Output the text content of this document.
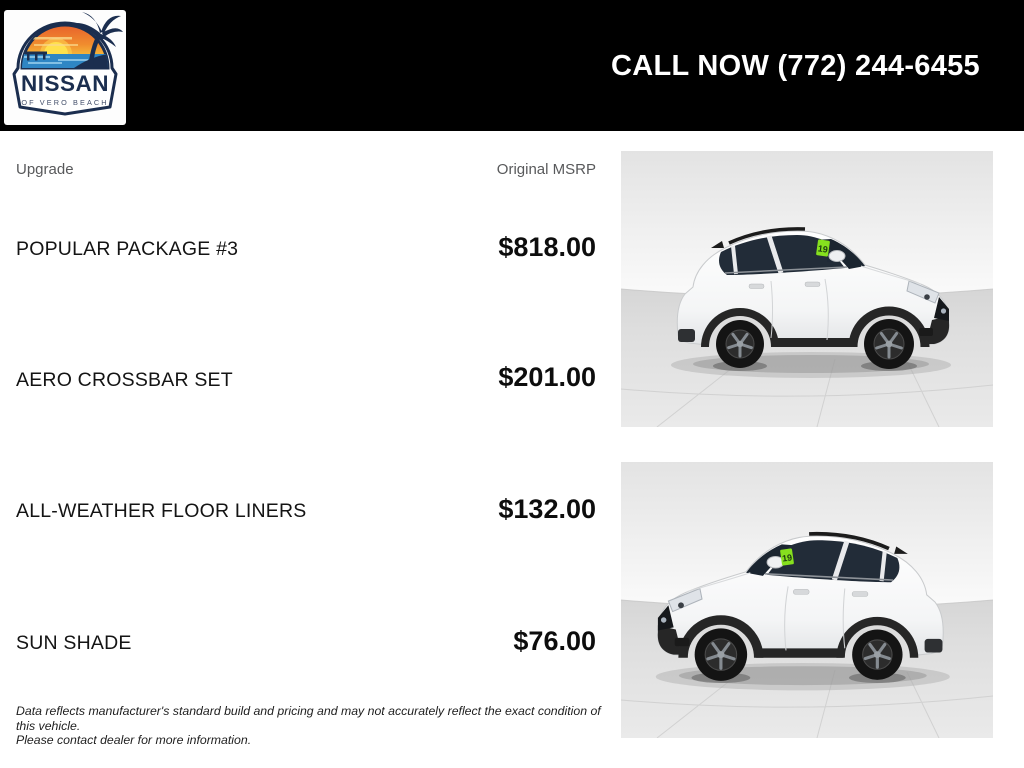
NISSAN
OF VERO BEACH
CALL NOW (772) 244-6455
Upgrade	Original MSRP
POPULAR PACKAGE #3	$818.00
AERO CROSSBAR SET	$201.00
ALL-WEATHER FLOOR LINERS	$132.00
SUN SHADE	$76.00
19
19
Data reflects manufacturer's standard build and pricing and may not accurately reflect the exact condition of this vehicle.
Please contact dealer for more information.
